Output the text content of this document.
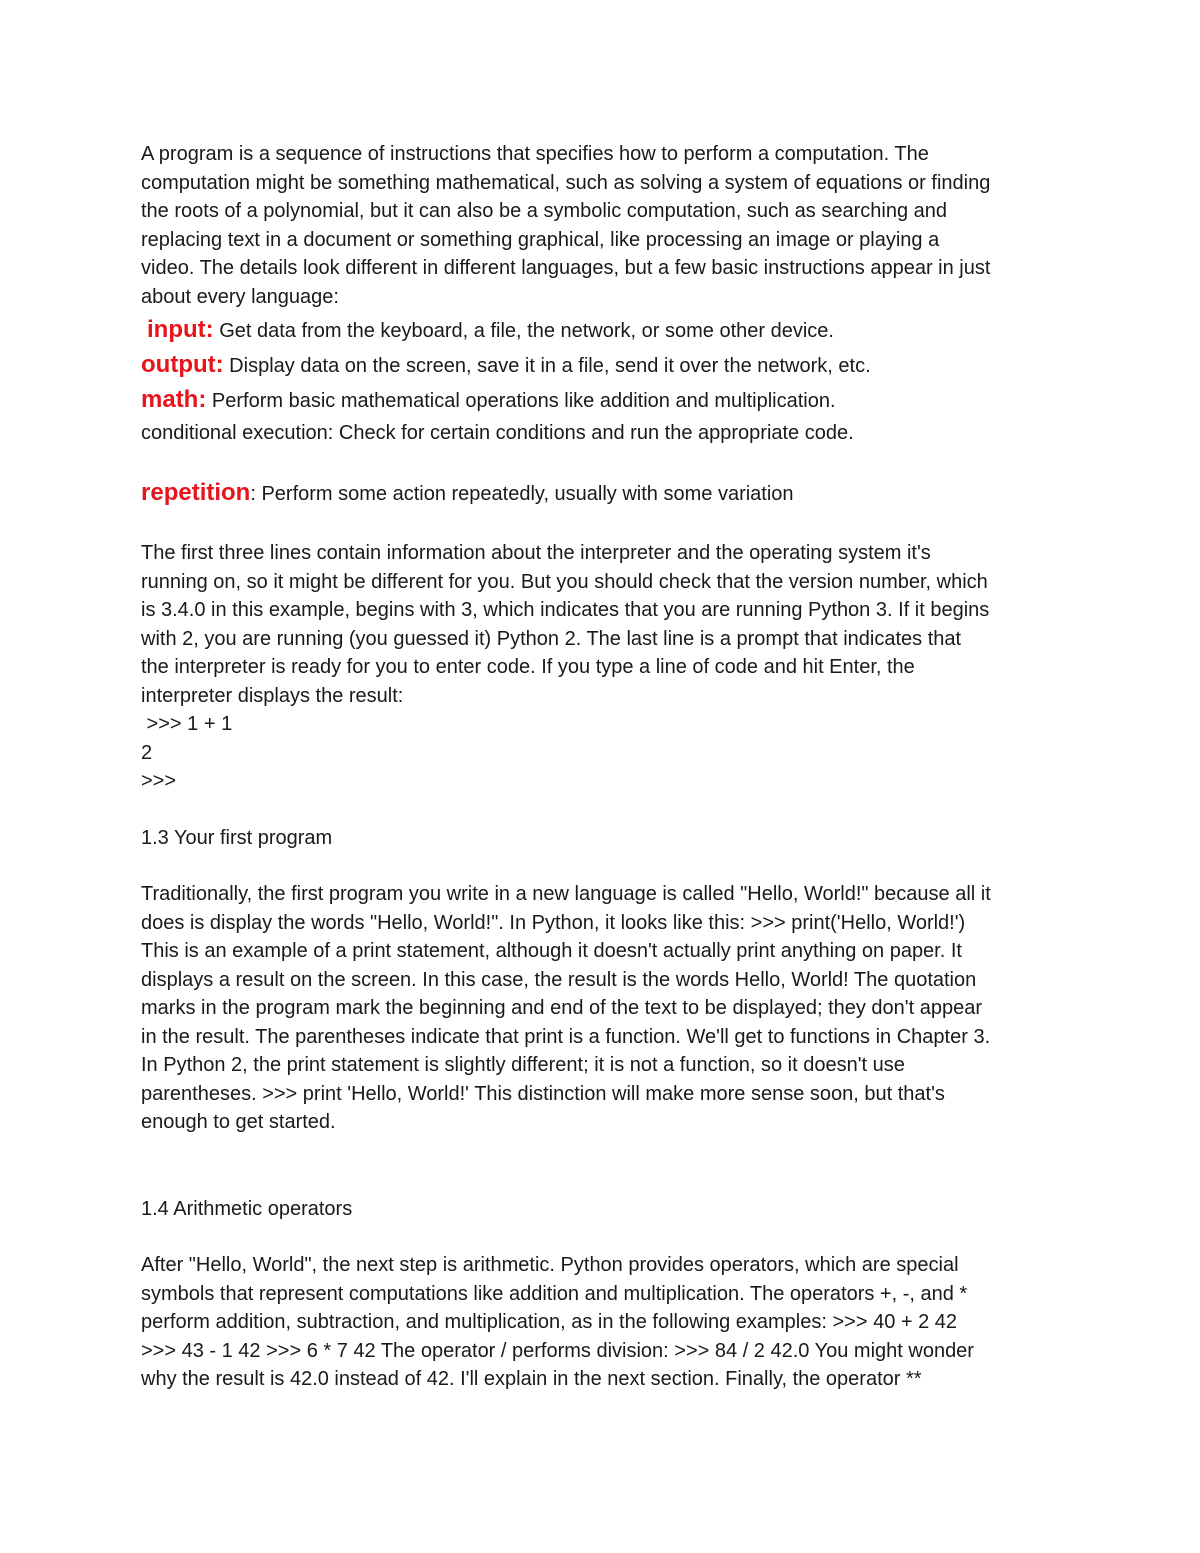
A program is a sequence of instructions that specifies how to perform a computation. The
computation might be something mathematical, such as solving a system of equations or finding
the roots of a polynomial, but it can also be a symbolic computation, such as searching and
replacing text in a document or something graphical, like processing an image or playing a
video. The details look different in different languages, but a few basic instructions appear in just
about every language:

input: Get data from the keyboard, a file, the network, or some other device.
output: Display data on the screen, save it in a file, send it over the network, etc.
math: Perform basic mathematical operations like addition and multiplication.
conditional execution: Check for certain conditions and run the appropriate code.
repetition: Perform some action repeatedly, usually with some variation

The first three lines contain information about the interpreter and the operating system it's
running on, so it might be different for you. But you should check that the version number, which
is 3.4.0 in this example, begins with 3, which indicates that you are running Python 3. If it begins
with 2, you are running (you guessed it) Python 2. The last line is a prompt that indicates that
the interpreter is ready for you to enter code. If you type a line of code and hit Enter, the
interpreter displays the result:
>>> 1 + 1
2
>>>

1.3 Your first program

Traditionally, the first program you write in a new language is called "Hello, World!" because all it
does is display the words "Hello, World!". In Python, it looks like this: >>> print('Hello, World!')
This is an example of a print statement, although it doesn't actually print anything on paper. It
displays a result on the screen. In this case, the result is the words Hello, World! The quotation
marks in the program mark the beginning and end of the text to be displayed; they don't appear
in the result. The parentheses indicate that print is a function. We'll get to functions in Chapter 3.
In Python 2, the print statement is slightly different; it is not a function, so it doesn't use
parentheses. >>> print 'Hello, World!' This distinction will make more sense soon, but that's
enough to get started.

1.4 Arithmetic operators

After "Hello, World", the next step is arithmetic. Python provides operators, which are special
symbols that represent computations like addition and multiplication. The operators +, -, and *
perform addition, subtraction, and multiplication, as in the following examples: >>> 40 + 2 42
>>> 43 - 1 42 >>> 6 * 7 42 The operator / performs division: >>> 84 / 2 42.0 You might wonder
why the result is 42.0 instead of 42. I'll explain in the next section. Finally, the operator **
